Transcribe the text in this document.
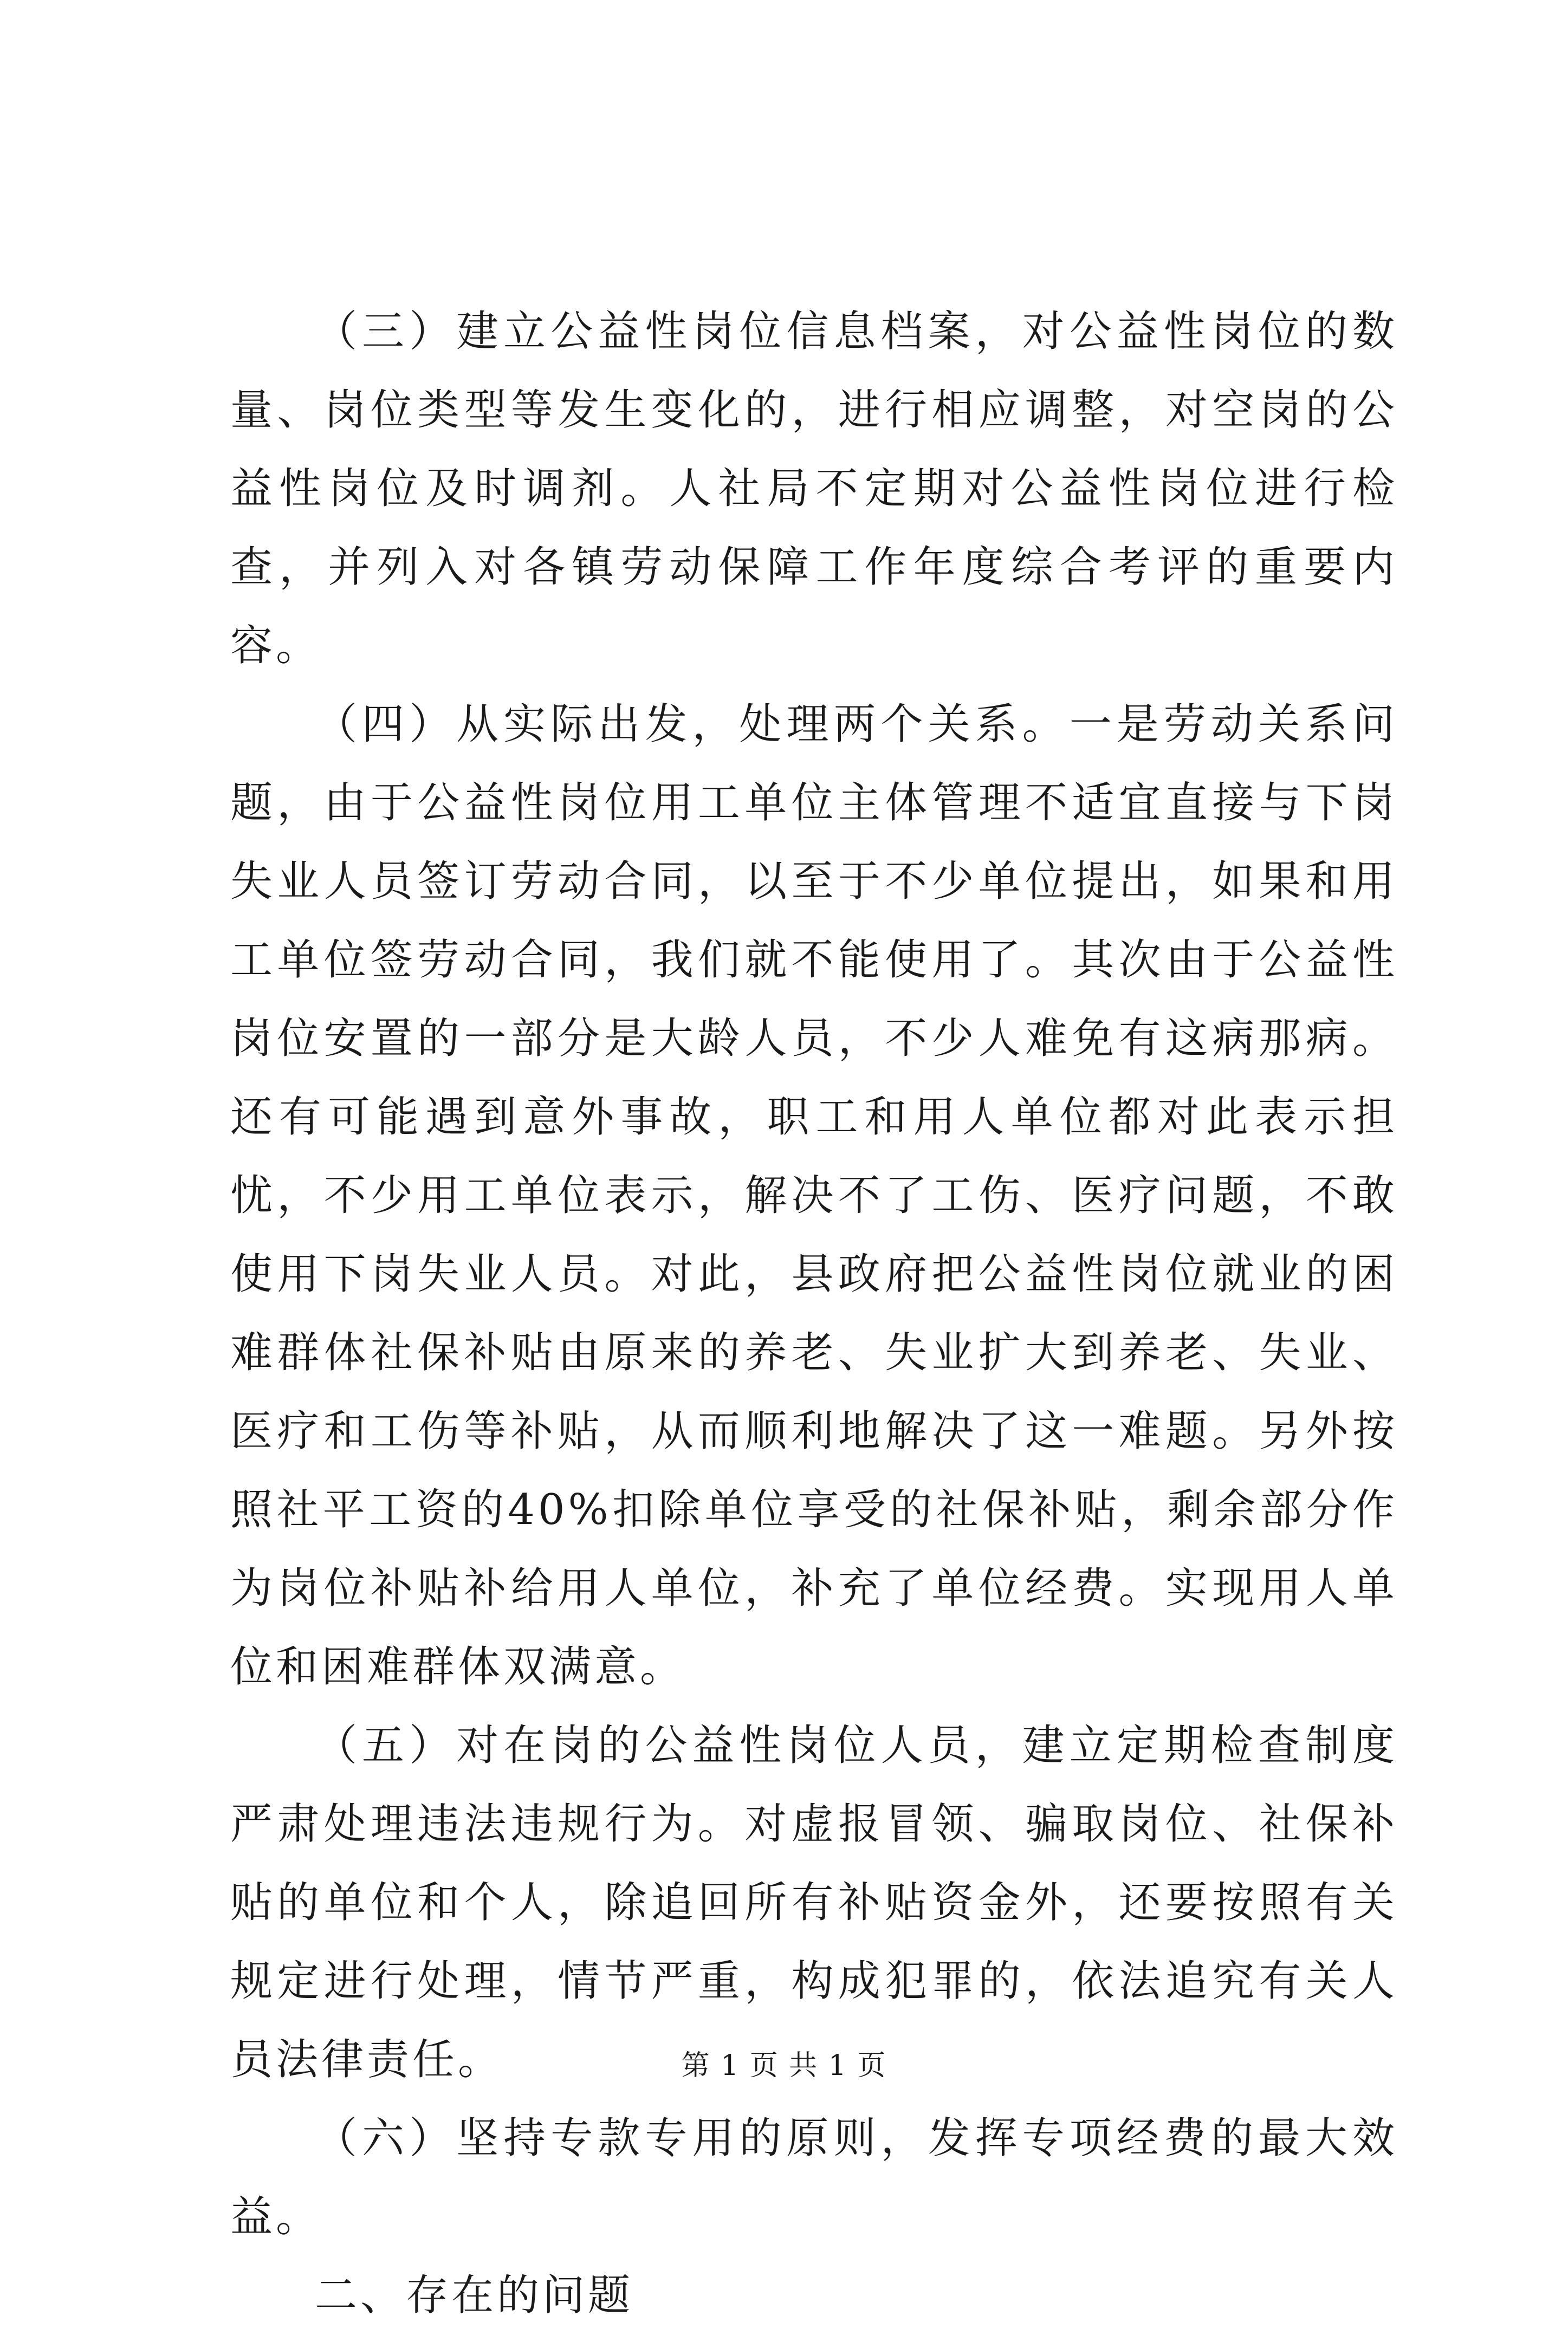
（三）建立公益性岗位信息档案，对公益性岗位的数量、岗位类型等发生变化的，进行相应调整，对空岗的公益性岗位及时调剂。人社局不定期对公益性岗位进行检查，并列入对各镇劳动保障工作年度综合考评的重要内容。

（四）从实际出发，处理两个关系。一是劳动关系问题，由于公益性岗位用工单位主体管理不适宜直接与下岗失业人员签订劳动合同，以至于不少单位提出，如果和用工单位签劳动合同，我们就不能使用了。其次由于公益性岗位安置的一部分是大龄人员，不少人难免有这病那病。还有可能遇到意外事故，职工和用人单位都对此表示担忧，不少用工单位表示，解决不了工伤、医疗问题，不敢使用下岗失业人员。对此，县政府把公益性岗位就业的困难群体社保补贴由原来的养老、失业扩大到养老、失业、医疗和工伤等补贴，从而顺利地解决了这一难题。另外按照社平工资的40%扣除单位享受的社保补贴，剩余部分作为岗位补贴补给用人单位，补充了单位经费。实现用人单位和困难群体双满意。

（五）对在岗的公益性岗位人员，建立定期检查制度严肃处理违法违规行为。对虚报冒领、骗取岗位、社保补贴的单位和个人，除追回所有补贴资金外，还要按照有关规定进行处理，情节严重，构成犯罪的，依法追究有关人员法律责任。

（六）坚持专款专用的原则，发挥专项经费的最大效益。

二、存在的问题

第 1 页 共 1 页
